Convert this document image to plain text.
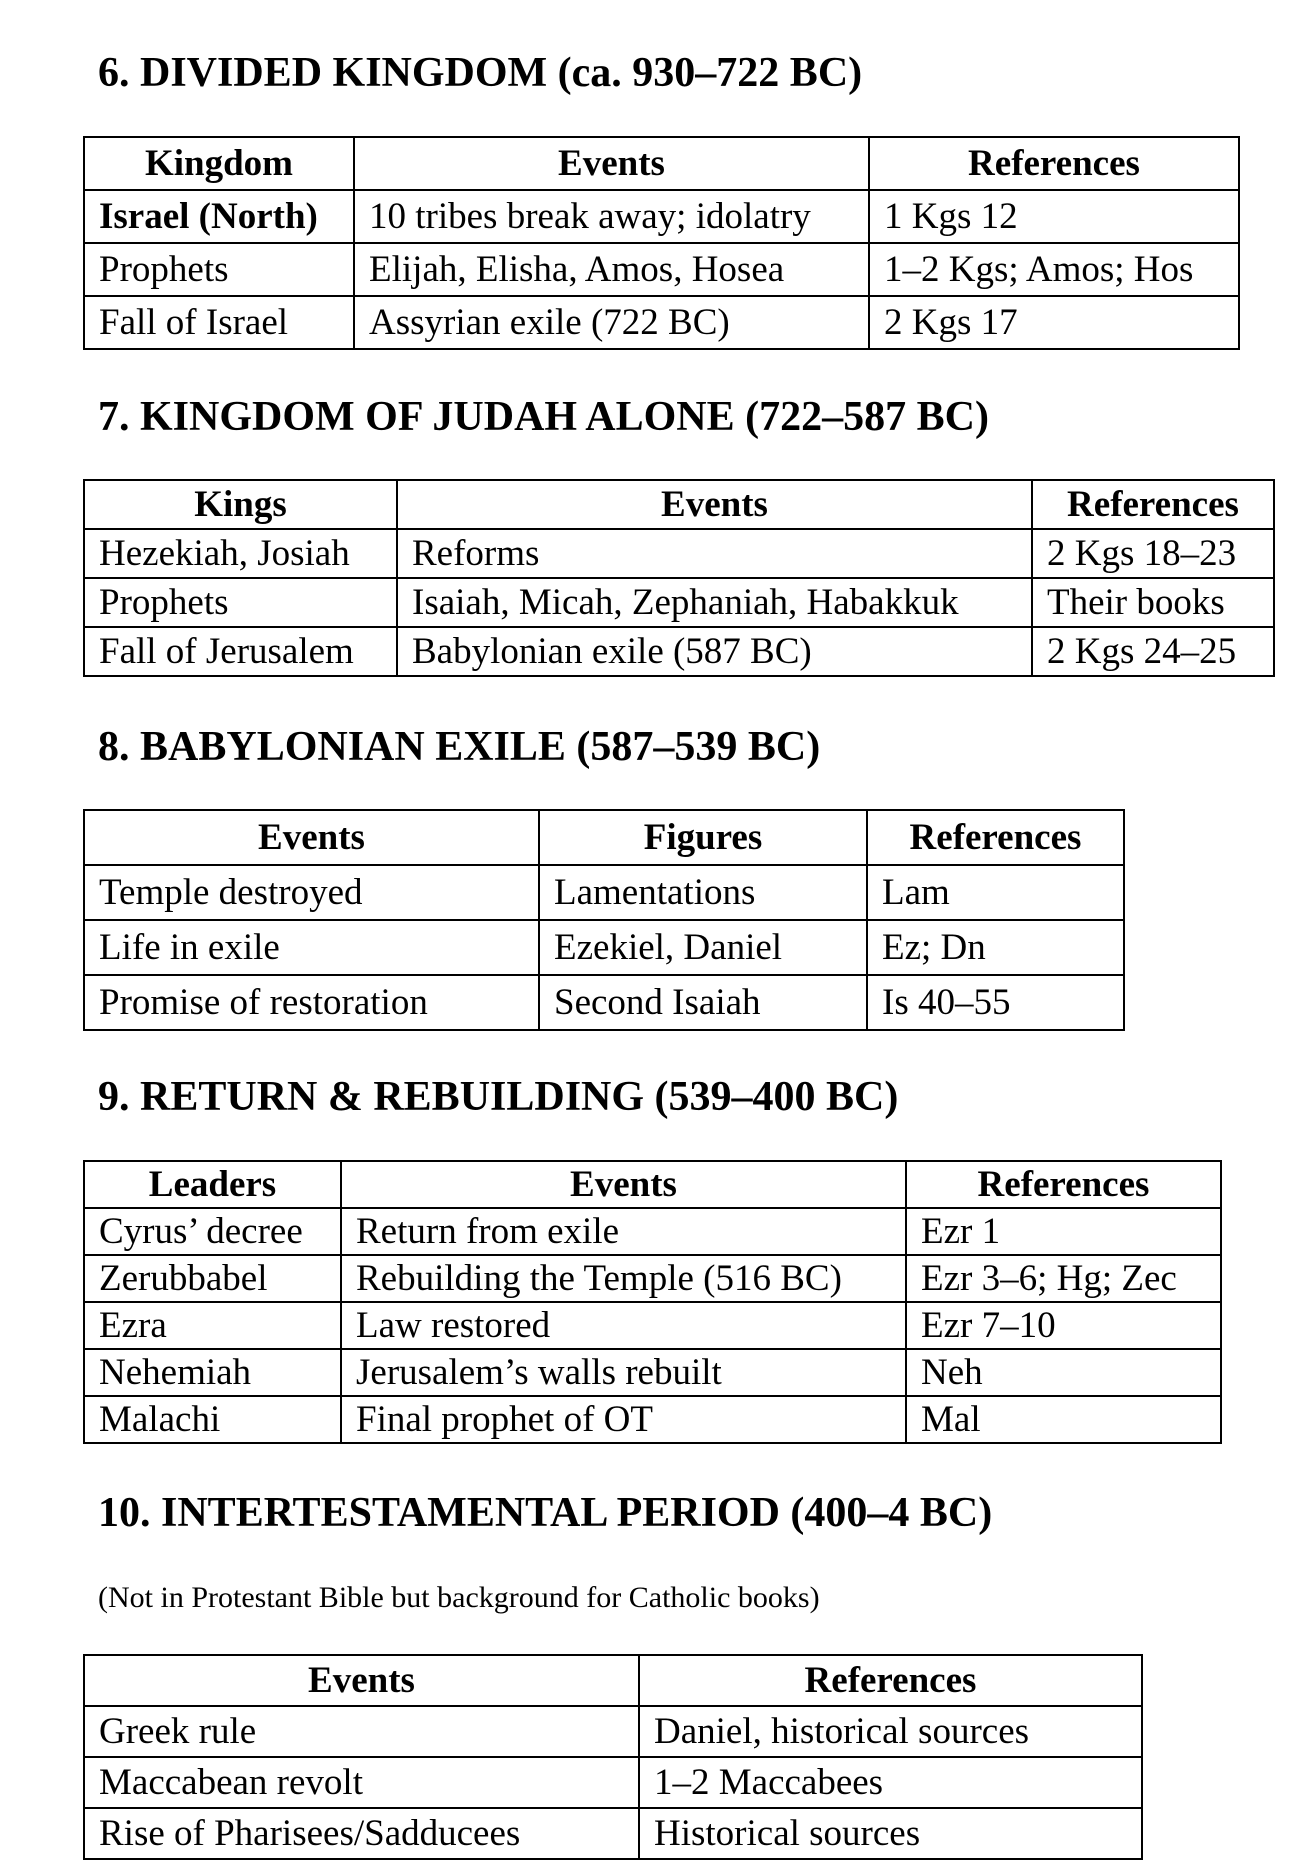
6. DIVIDED KINGDOM (ca. 930–722 BC)
Kingdom	Events	References
Israel (North)	10 tribes break away; idolatry	1 Kgs 12
Prophets	Elijah, Elisha, Amos, Hosea	1–2 Kgs; Amos; Hos
Fall of Israel	Assyrian exile (722 BC)	2 Kgs 17
7. KINGDOM OF JUDAH ALONE (722–587 BC)
Kings	Events	References
Hezekiah, Josiah	Reforms	2 Kgs 18–23
Prophets	Isaiah, Micah, Zephaniah, Habakkuk	Their books
Fall of Jerusalem	Babylonian exile (587 BC)	2 Kgs 24–25
8. BABYLONIAN EXILE (587–539 BC)
Events	Figures	References
Temple destroyed	Lamentations	Lam
Life in exile	Ezekiel, Daniel	Ez; Dn
Promise of restoration	Second Isaiah	Is 40–55
9. RETURN & REBUILDING (539–400 BC)
Leaders	Events	References
Cyrus’ decree	Return from exile	Ezr 1
Zerubbabel	Rebuilding the Temple (516 BC)	Ezr 3–6; Hg; Zec
Ezra	Law restored	Ezr 7–10
Nehemiah	Jerusalem’s walls rebuilt	Neh
Malachi	Final prophet of OT	Mal
10. INTERTESTAMENTAL PERIOD (400–4 BC)

(Not in Protestant Bible but background for Catholic books)

Events	References
Greek rule	Daniel, historical sources
Maccabean revolt	1–2 Maccabees
Rise of Pharisees/Sadducees	Historical sources
